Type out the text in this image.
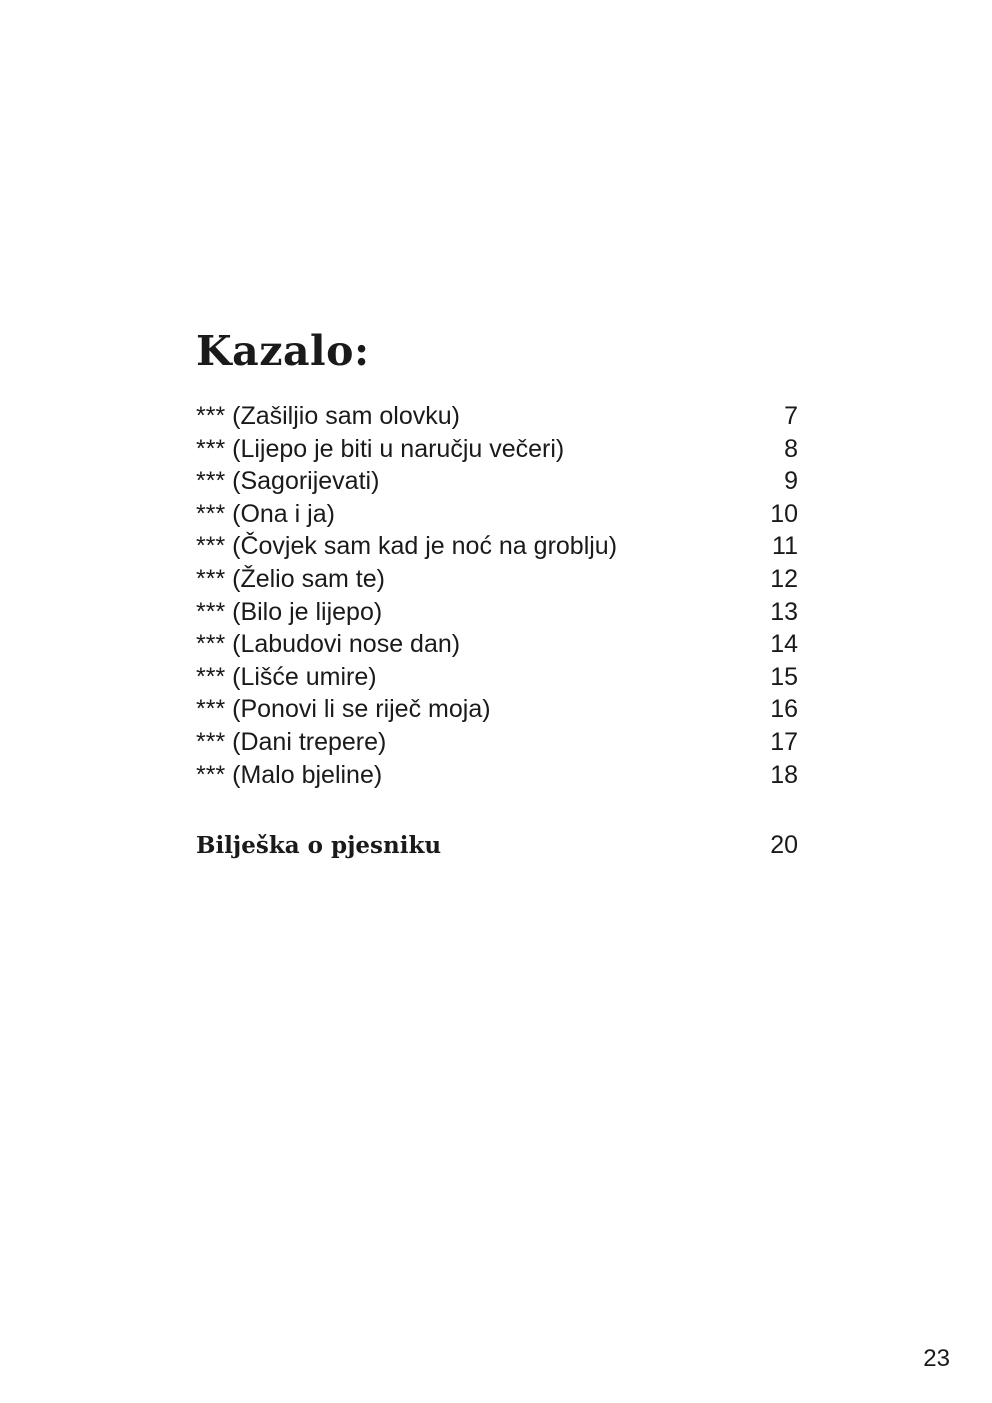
Kazalo:
*** (Zašiljio sam olovku)	7
*** (Lijepo je biti u naručju večeri)	8
*** (Sagorijevati)	9
*** (Ona i ja)	10
*** (Čovjek sam kad je noć na groblju)	11
*** (Želio sam te)	12
*** (Bilo je lijepo)	13
*** (Labudovi nose dan)	14
*** (Lišće umire)	15
*** (Ponovi li se riječ moja)	16
*** (Dani trepere)	17
*** (Malo bjeline)	18
Bilješka o pjesniku	20
23
